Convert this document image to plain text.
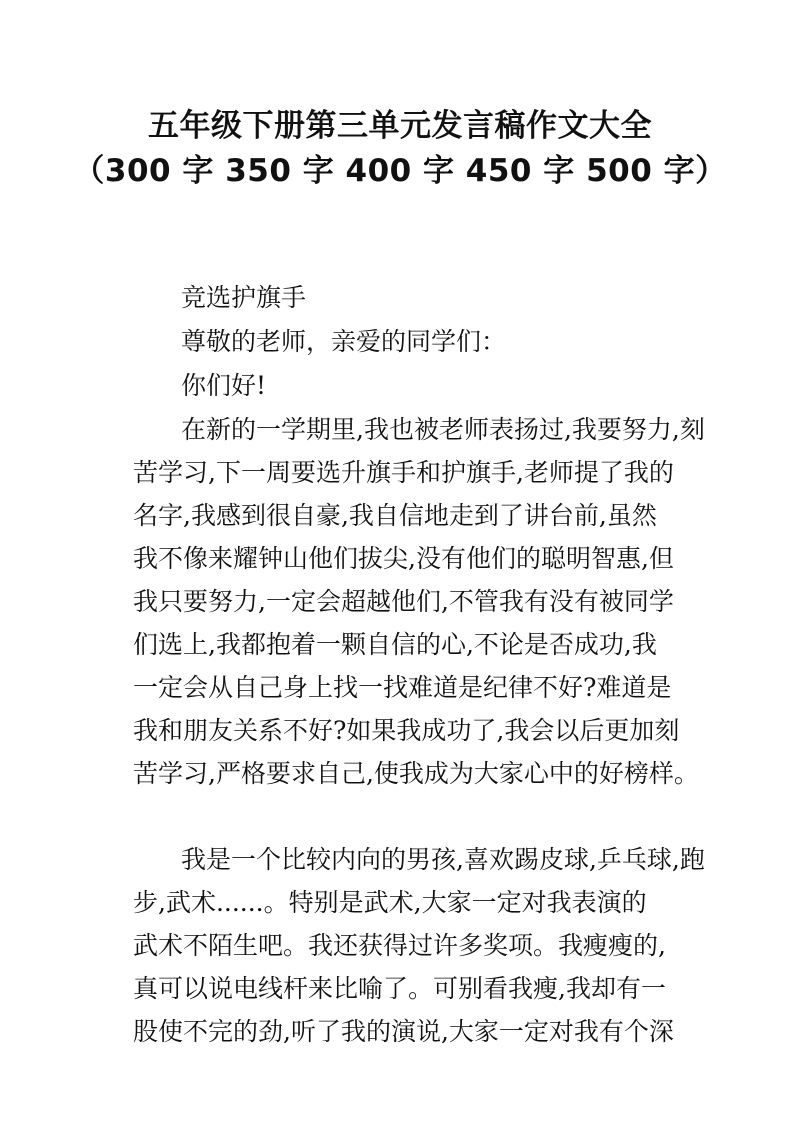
五年级下册第三单元发言稿作文大全
（300 字 350 字 400 字 450 字 500 字）
竞选护旗手
尊敬的老师，亲爱的同学们：
你们好!
在新的一学期里,我也被老师表扬过,我要努力,刻
苦学习,下一周要选升旗手和护旗手,老师提了我的
名字,我感到很自豪,我自信地走到了讲台前,虽然
我不像来耀钟山他们拔尖,没有他们的聪明智惠,但
我只要努力,一定会超越他们,不管我有没有被同学
们选上,我都抱着一颗自信的心,不论是否成功,我
一定会从自己身上找一找难道是纪律不好?难道是
我和朋友关系不好?如果我成功了,我会以后更加刻
苦学习,严格要求自己,使我成为大家心中的好榜样。
我是一个比较内向的男孩,喜欢踢皮球,乒乓球,跑
步,武术......。特别是武术,大家一定对我表演的
武术不陌生吧。我还获得过许多奖项。我瘦瘦的,
真可以说电线杆来比喻了。可别看我瘦,我却有一
股使不完的劲,听了我的演说,大家一定对我有个深
